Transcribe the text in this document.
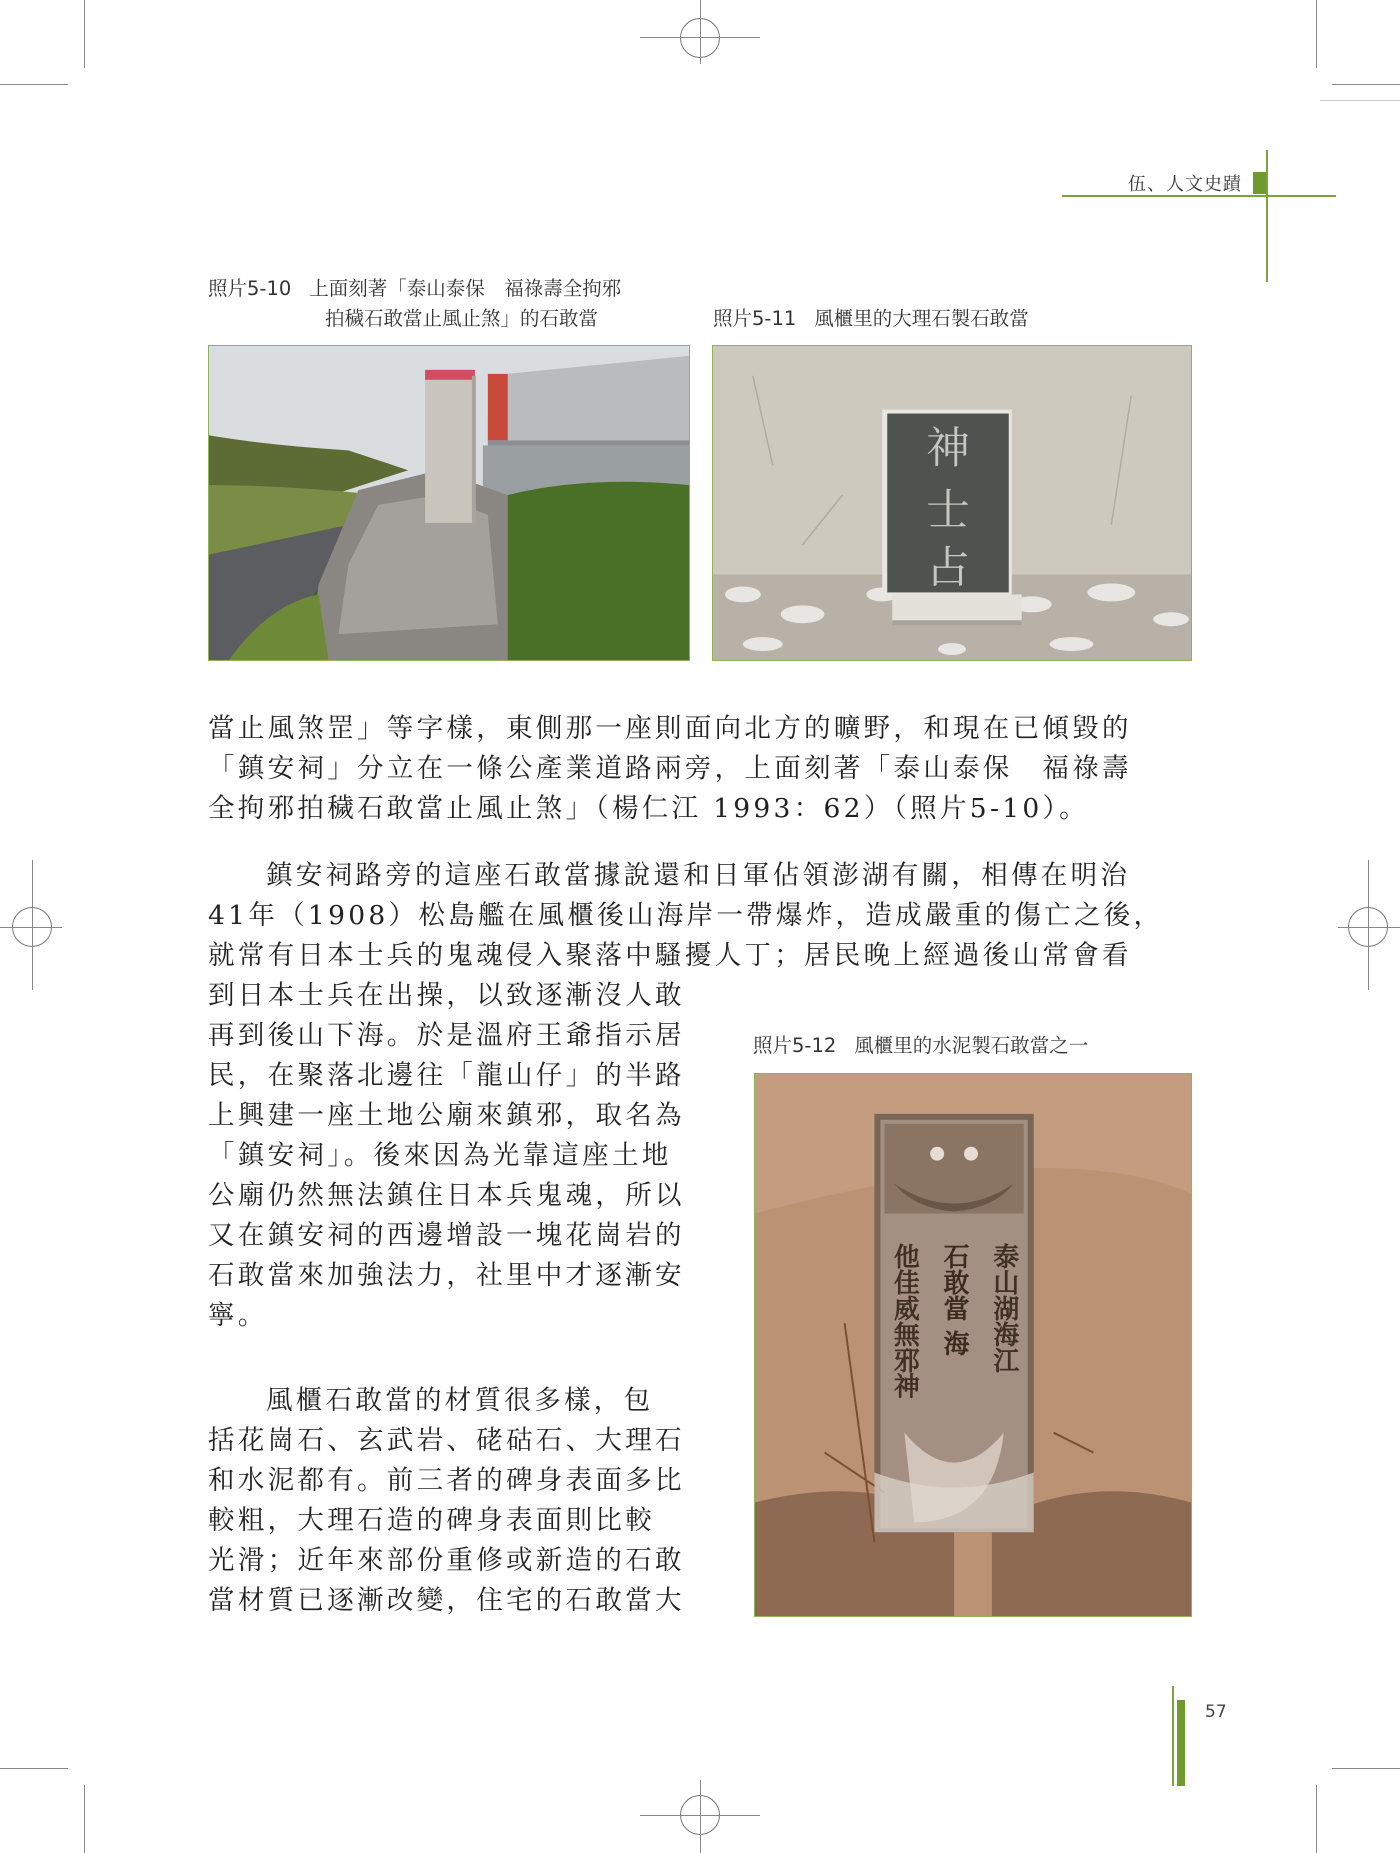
伍、人文史蹟
照片5-10 上面刻著「泰山泰保　福祿壽全拘邪
拍穢石敢當止風止煞」的石敢當	照片5-11 風櫃里的大理石製石敢當
照片5-12 風櫃里的水泥製石敢當之一
神
士
占
當止風煞罡」等字樣，東側那一座則面向北方的曠野，和現在已傾毀的
「鎮安祠」分立在一條公產業道路兩旁，上面刻著「泰山泰保　福祿壽
全拘邪拍穢石敢當止風止煞」（楊仁江 1993：62）（照片5-10）。
鎮安祠路旁的這座石敢當據說還和日軍佔領澎湖有關，相傳在明治
41年（1908）松島艦在風櫃後山海岸一帶爆炸，造成嚴重的傷亡之後，
就常有日本士兵的鬼魂侵入聚落中騷擾人丁；居民晚上經過後山常會看
到日本士兵在出操，以致逐漸沒人敢
再到後山下海。於是溫府王爺指示居
民，在聚落北邊往「龍山仔」的半路
上興建一座土地公廟來鎮邪，取名為
「鎮安祠」。後來因為光靠這座土地
公廟仍然無法鎮住日本兵鬼魂，所以
又在鎮安祠的西邊增設一塊花崗岩的
石敢當來加強法力，社里中才逐漸安
寧。
風櫃石敢當的材質很多樣，包
括花崗石、玄武岩、硓𥑮石、大理石
和水泥都有。前三者的碑身表面多比
較粗，大理石造的碑身表面則比較
光滑；近年來部份重修或新造的石敢
當材質已逐漸改變，住宅的石敢當大
泰山湖海江
石敢當 海
他佳威無邪神
57
